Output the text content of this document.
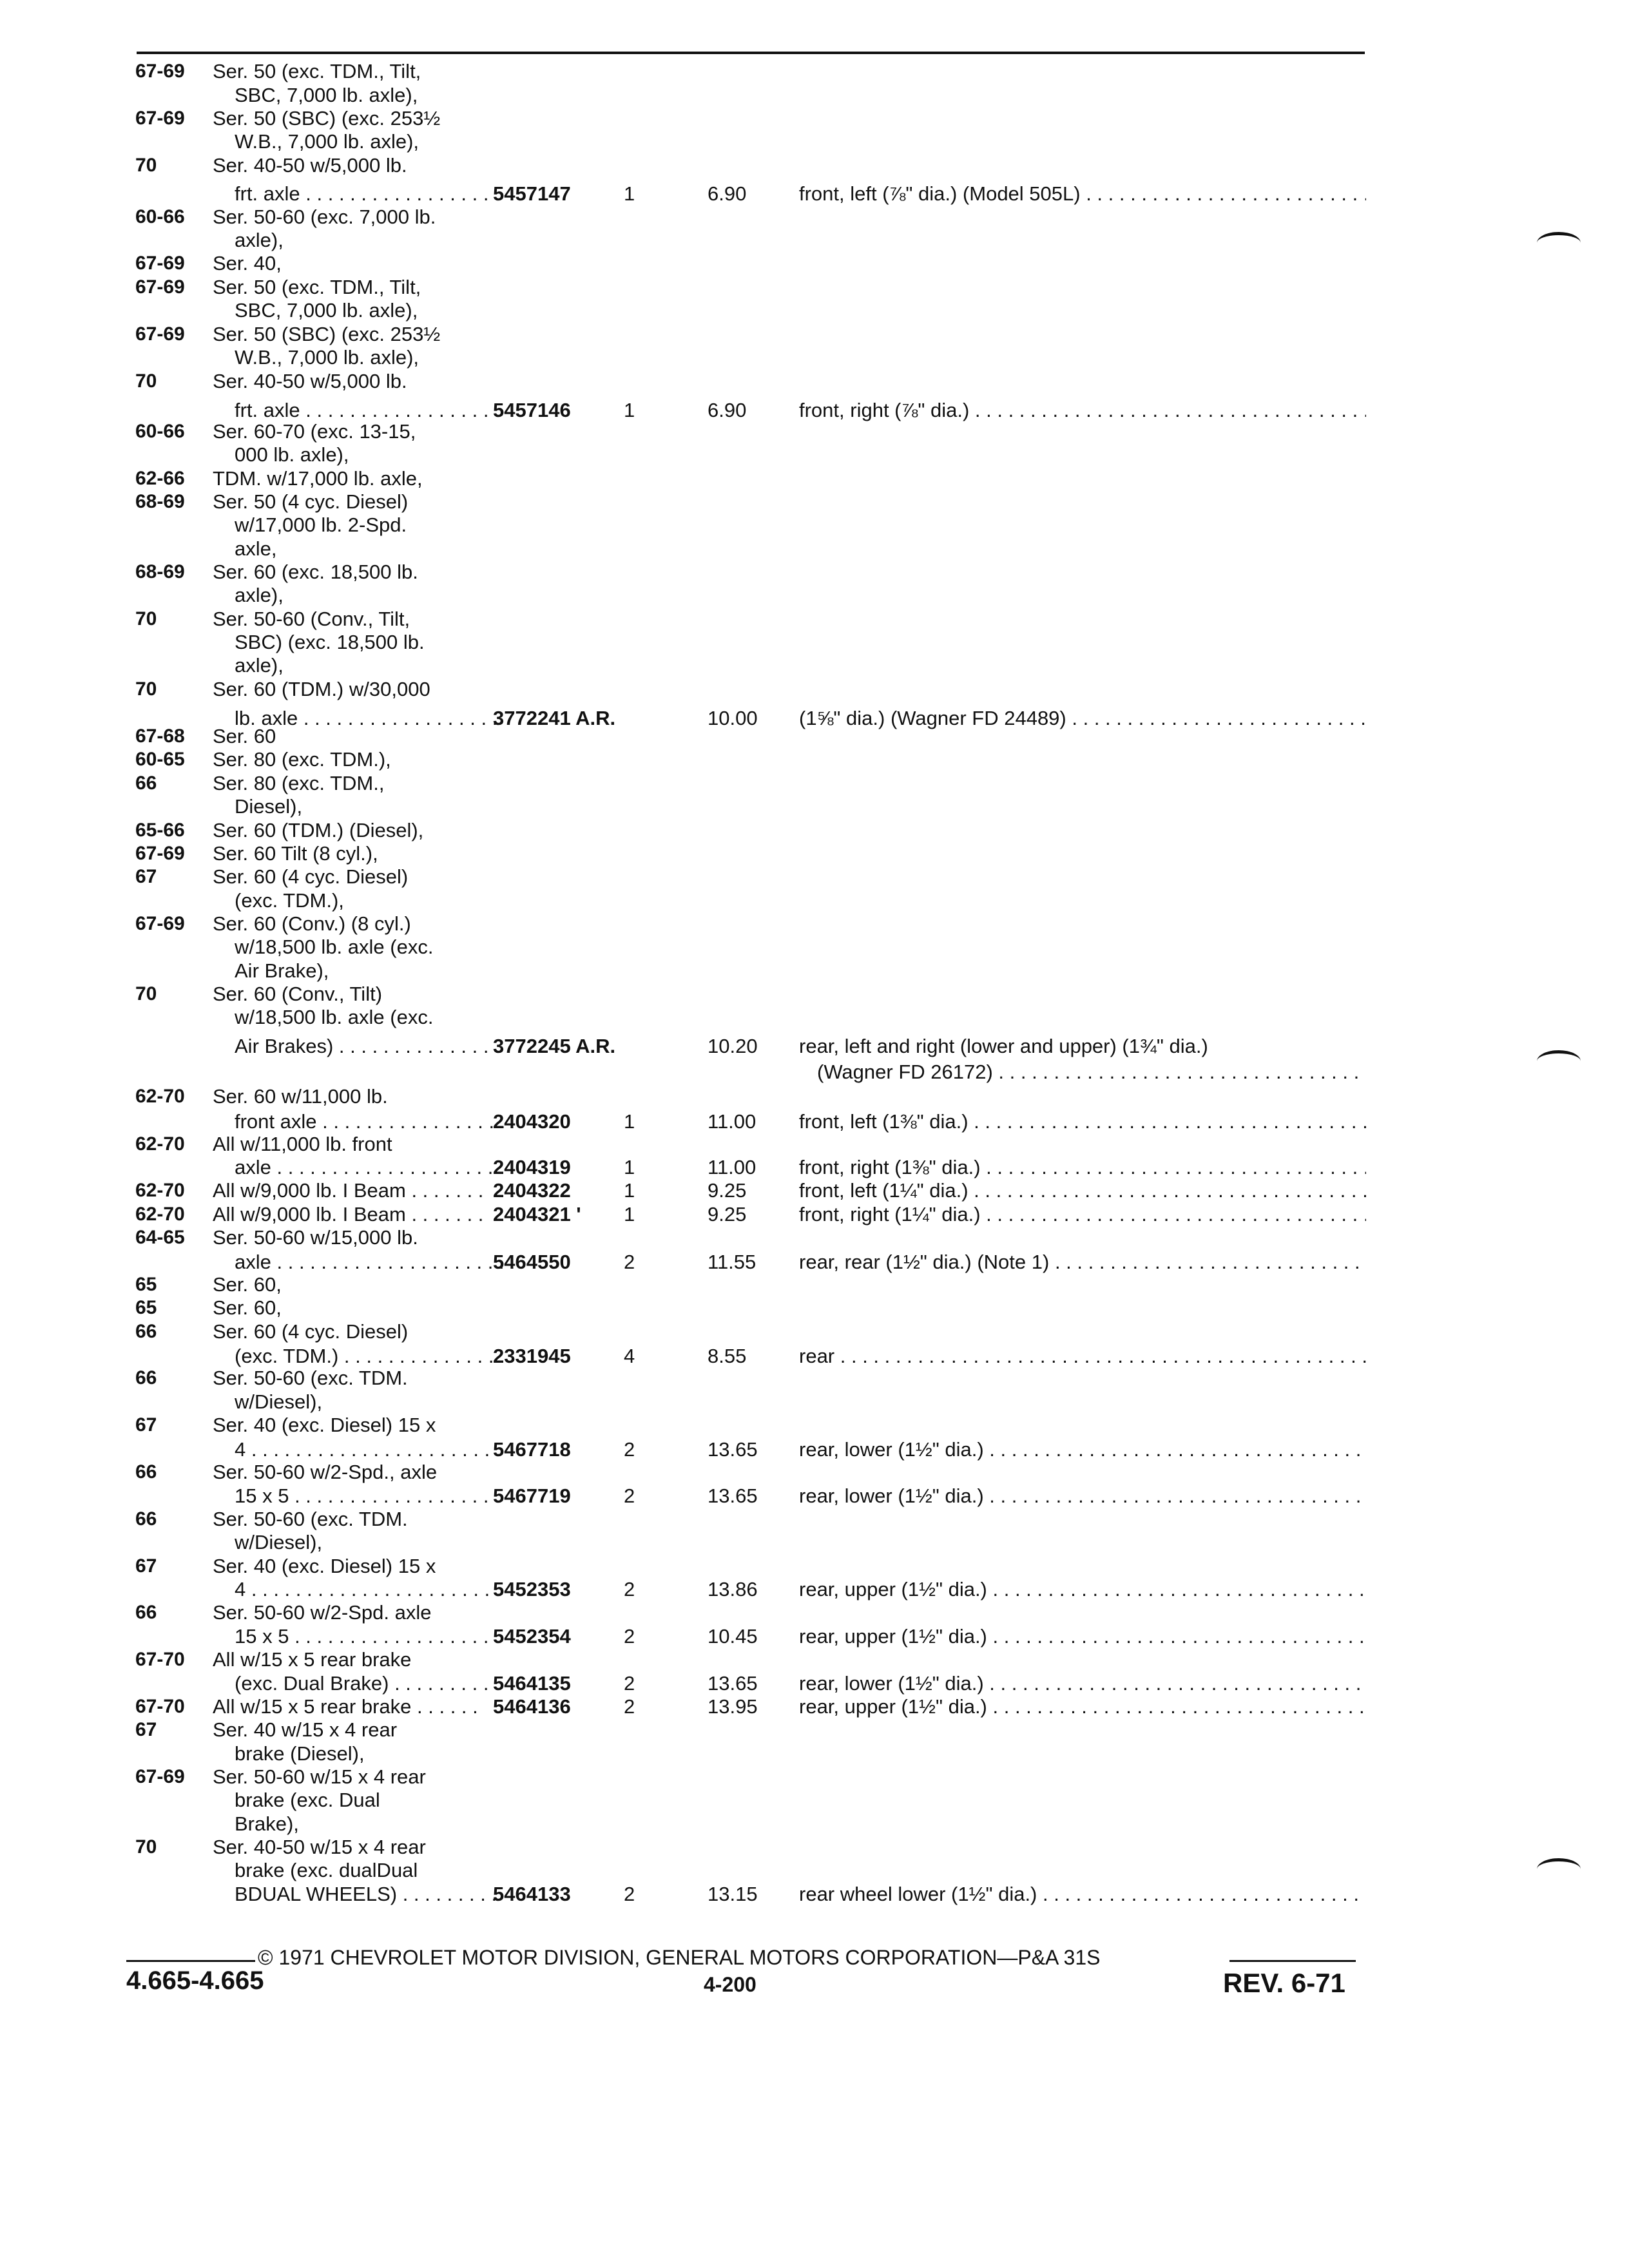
67-69 Ser. 50 (exc. TDM., Tilt,
SBC, 7,000 lb. axle),
67-69 Ser. 50 (SBC) (exc. 253½
W.B., 7,000 lb. axle),
70	Ser. 40-50 w/5,000 lb.
frt. axle . . .	5457147	1	6.90	front, left (⅞" dia.) (Model 505L) . . .
60-66 Ser. 50-60 (exc. 7,000 lb.
axle),
67-69 Ser. 40,
67-69 Ser. 50 (exc. TDM., Tilt,
SBC, 7,000 lb. axle),
67-69 Ser. 50 (SBC) (exc. 253½
W.B., 7,000 lb. axle),
70	Ser. 40-50 w/5,000 lb.
frt. axle . . .	5457146	1	6.90	front, right (⅞" dia.) . . .
60-66 Ser. 60-70 (exc. 13-15,
000 lb. axle),
62-66 TDM. w/17,000 lb. axle,
68-69 Ser. 50 (4 cyc. Diesel)
w/17,000 lb. 2-Spd.
axle,
68-69 Ser. 60 (exc. 18,500 lb.
axle),
70	Ser. 50-60 (Conv., Tilt,
SBC) (exc. 18,500 lb.
axle),
70	Ser. 60 (TDM.) w/30,000
lb. axle . . .	3772241 A.R.	10.00 (1⅝" dia.) (Wagner FD 24489) . . .
67-68 Ser. 60
60-65 Ser. 80 (exc. TDM.),
66	Ser. 80 (exc. TDM.,
Diesel),
65-66 Ser. 60 (TDM.) (Diesel),
67-69 Ser. 60 Tilt (8 cyl.),
67	Ser. 60 (4 cyc. Diesel)
(exc. TDM.),
67-69 Ser. 60 (Conv.) (8 cyl.)
w/18,500 lb. axle (exc.
Air Brake),
70	Ser. 60 (Conv., Tilt)
w/18,500 lb. axle (exc.
Air Brakes) . . .	3772245 A.R.	10.20 rear, left and right (lower and upper) (1¾" dia.)
(Wagner FD 26172) . . .
62-70 Ser. 60 w/11,000 lb.
front axle . . .	2404320	1	11.00 front, left (1⅜" dia.) . . .
62-70 All w/11,000 lb. front
axle . . .	2404319	1	11.00 front, right (1⅜" dia.) . . .
62-70 All w/9,000 lb. I Beam . . .	2404322	1	9.25	front, left (1¼" dia.) . . .
62-70 All w/9,000 lb. I Beam . . .	2404321 ' 1	9.25	front, right (1¼" dia.) . . .
64-65 Ser. 50-60 w/15,000 lb.
axle . . .	5464550	2	11.55 rear, rear (1½" dia.) (Note 1) . . .
65	Ser. 60,
65	Ser. 60,
66	Ser. 60 (4 cyc. Diesel)
(exc. TDM.) . . .	2331945	4	8.55	rear . . .
66	Ser. 50-60 (exc. TDM.
w/Diesel),
67	Ser. 40 (exc. Diesel) 15 x
4 . . .	5467718	2	13.65 rear, lower (1½" dia.) . . .
66	Ser. 50-60 w/2-Spd., axle
15 x 5 . . .	5467719	2	13.65 rear, lower (1½" dia.) . . .
66	Ser. 50-60 (exc. TDM.
w/Diesel),
67	Ser. 40 (exc. Diesel) 15 x
4 . . .	5452353	2	13.86 rear, upper (1½" dia.) . . .
66	Ser. 50-60 w/2-Spd. axle
15 x 5 . . .	5452354	2	10.45 rear, upper (1½" dia.) . . .
67-70 All w/15 x 5 rear brake
(exc. Dual Brake) . . .	5464135	2	13.65 rear, lower (1½" dia.) . . .
67-70 All w/15 x 5 rear brake . . .	5464136	2	13.95 rear, upper (1½" dia.) . . .
67	Ser. 40 w/15 x 4 rear
brake (Diesel),
67-69 Ser. 50-60 w/15 x 4 rear
brake (exc. Dual
Brake),
70	Ser. 40-50 w/15 x 4 rear
brake (exc. dualDual
BDUAL WHEELS) . . .	5464133	2	13.15 rear wheel lower (1½" dia.) . . .
© 1971 CHEVROLET MOTOR DIVISION, GENERAL MOTORS CORPORATION—P&A 31S
4.665-4.665	4-200	REV. 6-71
